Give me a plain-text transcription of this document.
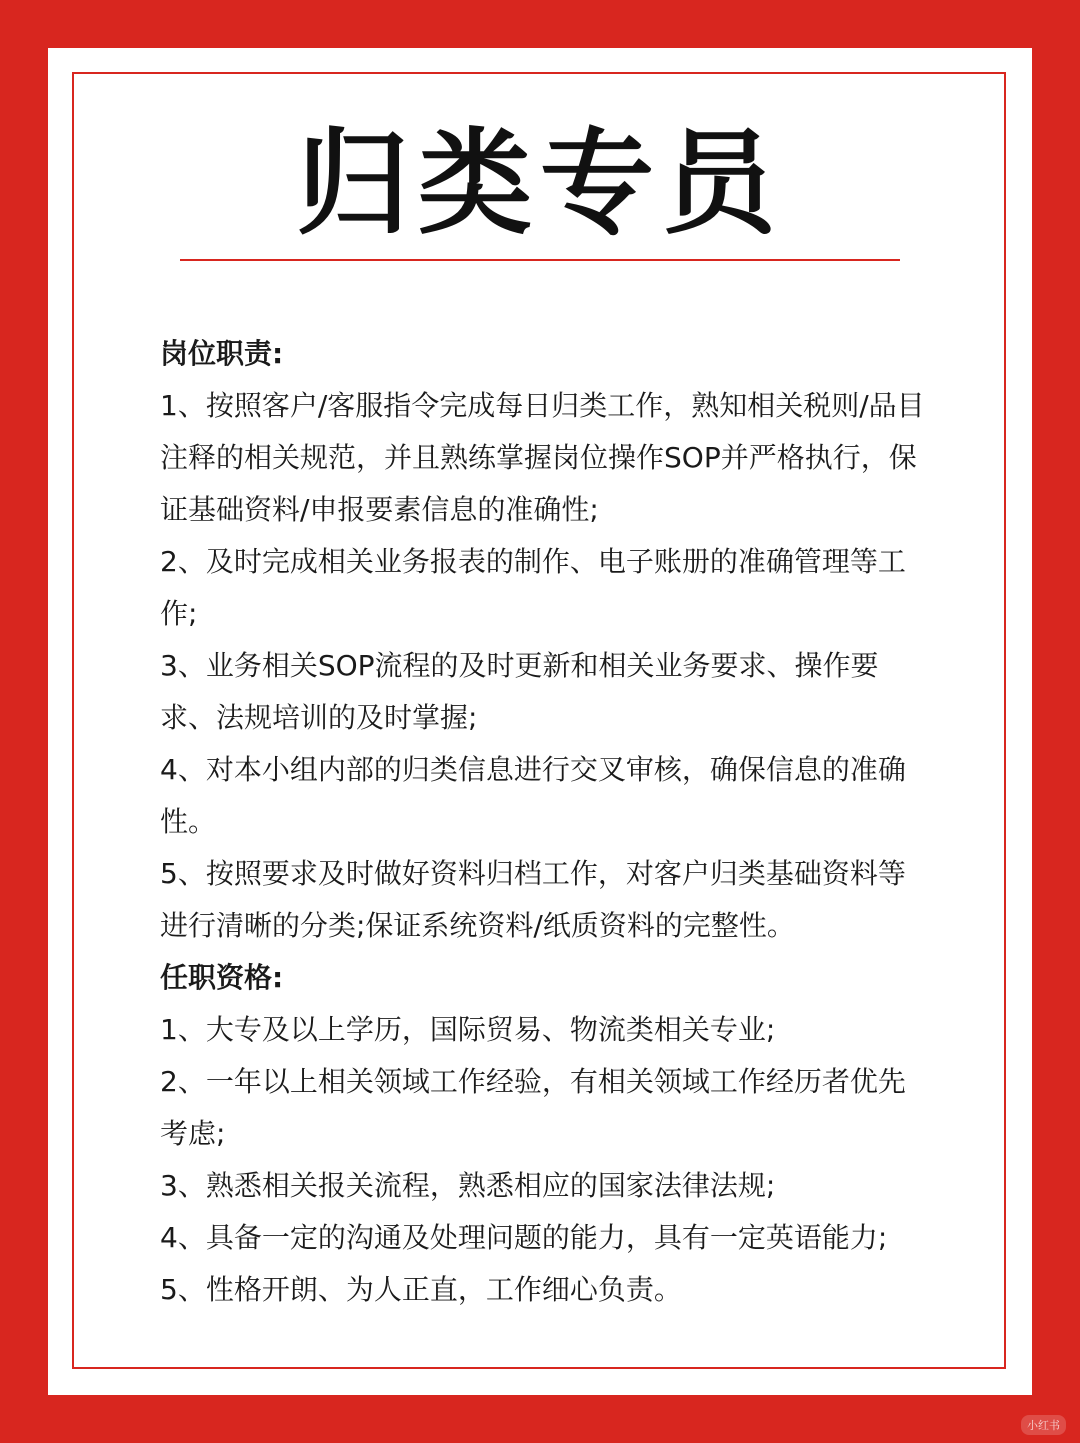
归类专员

岗位职责:

1、按照客户/客服指令完成每日归类工作，熟知相关税则/品目注释的相关规范，并且熟练掌握岗位操作SOP并严格执行，保证基础资料/申报要素信息的准确性;

2、及时完成相关业务报表的制作、电子账册的准确管理等工作;

3、业务相关SOP流程的及时更新和相关业务要求、操作要求、法规培训的及时掌握;

4、对本小组内部的归类信息进行交叉审核，确保信息的准确性。

5、按照要求及时做好资料归档工作，对客户归类基础资料等进行清晰的分类;保证系统资料/纸质资料的完整性。

任职资格:

1、大专及以上学历，国际贸易、物流类相关专业;

2、一年以上相关领域工作经验，有相关领域工作经历者优先考虑;

3、熟悉相关报关流程，熟悉相应的国家法律法规;

4、具备一定的沟通及处理问题的能力，具有一定英语能力;

5、性格开朗、为人正直，工作细心负责。

小红书
